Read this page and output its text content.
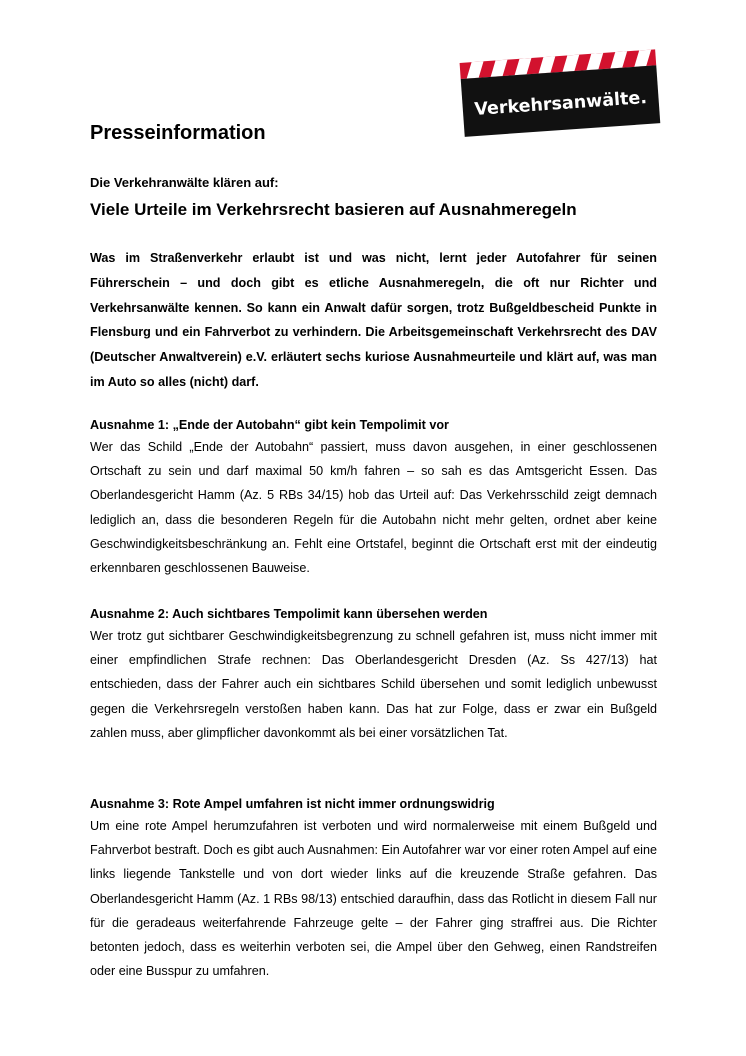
Verkehrsanwälte.
Presseinformation
Die Verkehranwälte klären auf:
Viele Urteile im Verkehrsrecht basieren auf Ausnahmeregeln

Was im Straßenverkehr erlaubt ist und was nicht, lernt jeder Autofahrer für seinen Führerschein – und doch gibt es etliche Ausnahmeregeln, die oft nur Richter und Verkehrsanwälte kennen. So kann ein Anwalt dafür sorgen, trotz Bußgeldbescheid Punkte in Flensburg und ein Fahrverbot zu verhindern. Die Arbeitsgemeinschaft Verkehrsrecht des DAV (Deutscher Anwaltverein) e.V. erläutert sechs kuriose Ausnahmeurteile und klärt auf, was man im Auto so alles (nicht) darf.

Ausnahme 1: „Ende der Autobahn“ gibt kein Tempolimit vor

Wer das Schild „Ende der Autobahn“ passiert, muss davon ausgehen, in einer geschlossenen Ortschaft zu sein und darf maximal 50 km/h fahren – so sah es das Amtsgericht Essen. Das Oberlandesgericht Hamm (Az. 5 RBs 34/15) hob das Urteil auf: Das Verkehrsschild zeigt demnach lediglich an, dass die besonderen Regeln für die Autobahn nicht mehr gelten, ordnet aber keine Geschwindigkeitsbeschränkung an. Fehlt eine Ortstafel, beginnt die Ortschaft erst mit der eindeutig erkennbaren geschlossenen Bauweise.

Ausnahme 2: Auch sichtbares Tempolimit kann übersehen werden

Wer trotz gut sichtbarer Geschwindigkeitsbegrenzung zu schnell gefahren ist, muss nicht immer mit einer empfindlichen Strafe rechnen: Das Oberlandesgericht Dresden (Az. Ss 427/13) hat entschieden, dass der Fahrer auch ein sichtbares Schild übersehen und somit lediglich unbewusst gegen die Verkehrsregeln verstoßen haben kann. Das hat zur Folge, dass er zwar ein Bußgeld zahlen muss, aber glimpflicher davonkommt als bei einer vorsätzlichen Tat.

Ausnahme 3: Rote Ampel umfahren ist nicht immer ordnungswidrig

Um eine rote Ampel herumzufahren ist verboten und wird normalerweise mit einem Bußgeld und Fahrverbot bestraft. Doch es gibt auch Ausnahmen: Ein Autofahrer war vor einer roten Ampel auf eine links liegende Tankstelle und von dort wieder links auf die kreuzende Straße gefahren. Das Oberlandesgericht Hamm (Az. 1 RBs 98/13) entschied daraufhin, dass das Rotlicht in diesem Fall nur für die geradeaus weiterfahrende Fahrzeuge gelte – der Fahrer ging straffrei aus. Die Richter betonten jedoch, dass es weiterhin verboten sei, die Ampel über den Gehweg, einen Randstreifen oder eine Busspur zu umfahren.
